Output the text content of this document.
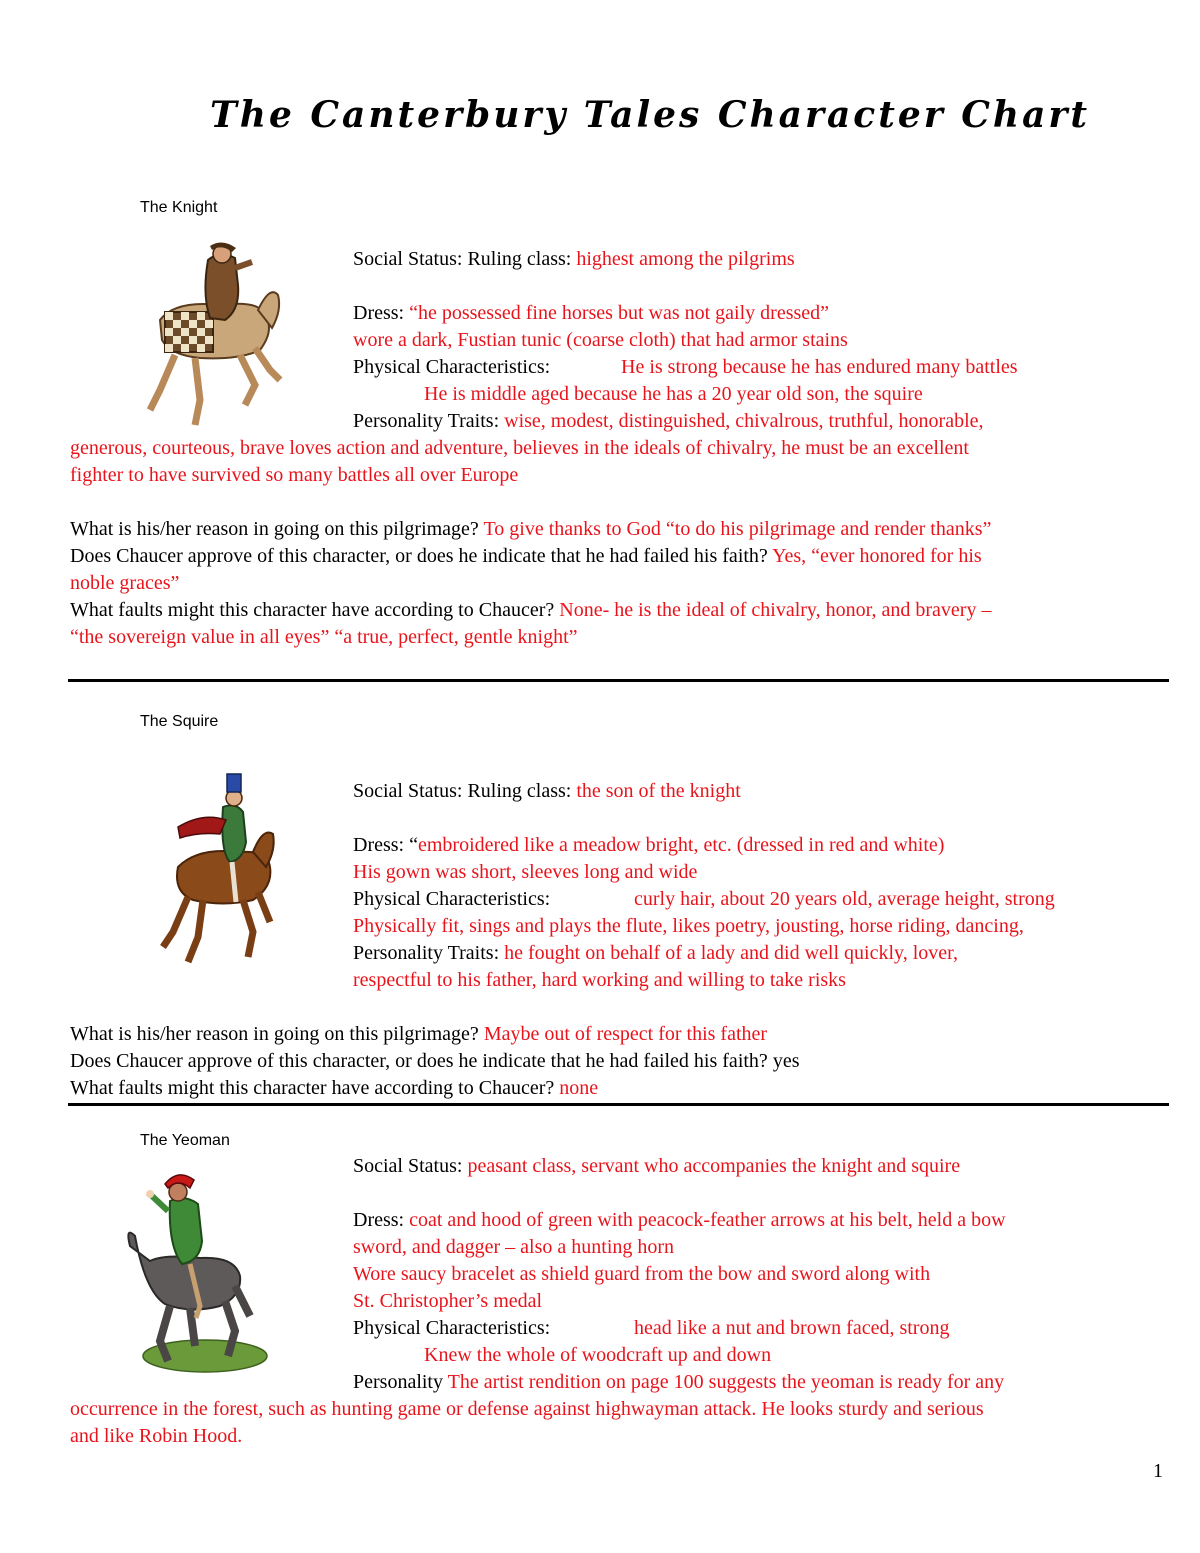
The Canterbury Tales Character Chart
The Knight
Social Status: Ruling class: highest among the pilgrims
Dress: “he possessed fine horses but was not gaily dressed”
wore a dark, Fustian tunic (coarse cloth) that had armor stains
Physical Characteristics:	He is strong because he has endured many battles
He is middle aged because he has a 20 year old son, the squire
Personality Traits: wise, modest, distinguished, chivalrous, truthful, honorable,
generous, courteous, brave loves action and adventure, believes in the ideals of chivalry, he must be an excellent
fighter to have survived so many battles all over Europe
What is his/her reason in going on this pilgrimage? To give thanks to God “to do his pilgrimage and render thanks”
Does Chaucer approve of this character, or does he indicate that he had failed his faith? Yes, “ever honored for his
noble graces”
What faults might this character have according to Chaucer? None- he is the ideal of chivalry, honor, and bravery –
“the sovereign value in all eyes” “a true, perfect, gentle knight”
The Squire
Social Status: Ruling class: the son of the knight
Dress: “embroidered like a meadow bright, etc. (dressed in red and white)
His gown was short, sleeves long and wide
Physical Characteristics:	curly hair, about 20 years old, average height, strong
Physically fit, sings and plays the flute, likes poetry, jousting, horse riding, dancing,
Personality Traits: he fought on behalf of a lady and did well quickly, lover,
respectful to his father, hard working and willing to take risks
What is his/her reason in going on this pilgrimage? Maybe out of respect for this father
Does Chaucer approve of this character, or does he indicate that he had failed his faith? yes
What faults might this character have according to Chaucer? none
The Yeoman
Social Status: peasant class, servant who accompanies the knight and squire
Dress: coat and hood of green with peacock-feather arrows at his belt, held a bow
sword, and dagger – also a hunting horn
Wore saucy bracelet as shield guard from the bow and sword along with
St. Christopher’s medal
Physical Characteristics:	head like a nut and brown faced, strong
Knew the whole of woodcraft up and down
Personality The artist rendition on page 100 suggests the yeoman is ready for any
occurrence in the forest, such as hunting game or defense against highwayman attack. He looks sturdy and serious
and like Robin Hood.
1
